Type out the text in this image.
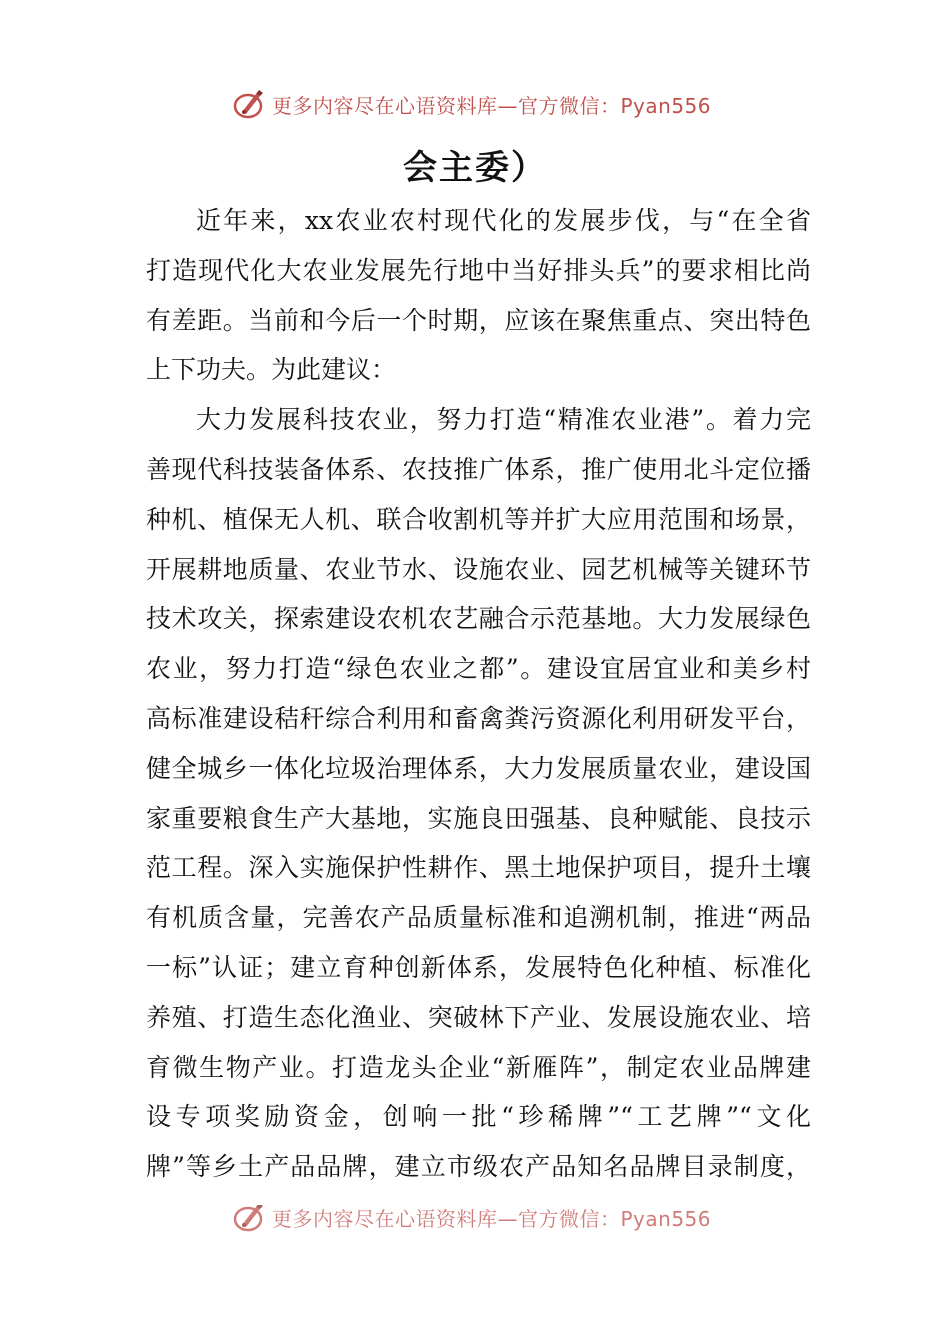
更多内容尽在心语资料库—官方微信：Pyan556
会主委）
近年来，xx农业农村现代化的发展步伐，与“在全省
打造现代化大农业发展先行地中当好排头兵”的要求相比尚
有差距。当前和今后一个时期，应该在聚焦重点、突出特色
上下功夫。为此建议：
大力发展科技农业，努力打造“精准农业港”。着力完
善现代科技装备体系、农技推广体系，推广使用北斗定位播
种机、植保无人机、联合收割机等并扩大应用范围和场景，
开展耕地质量、农业节水、设施农业、园艺机械等关键环节
技术攻关，探索建设农机农艺融合示范基地。大力发展绿色
农业，努力打造“绿色农业之都”。建设宜居宜业和美乡村
高标准建设秸秆综合利用和畜禽粪污资源化利用研发平台，
健全城乡一体化垃圾治理体系，大力发展质量农业，建设国
家重要粮食生产大基地，实施良田强基、良种赋能、良技示
范工程。深入实施保护性耕作、黑土地保护项目，提升土壤
有机质含量，完善农产品质量标准和追溯机制，推进“两品
一标”认证；建立育种创新体系，发展特色化种植、标准化
养殖、打造生态化渔业、突破林下产业、发展设施农业、培
育微生物产业。打造龙头企业“新雁阵”，制定农业品牌建
设专项奖励资金，创响一批“珍稀牌”“工艺牌”“文化
牌”等乡土产品品牌，建立市级农产品知名品牌目录制度，
更多内容尽在心语资料库—官方微信：Pyan556
